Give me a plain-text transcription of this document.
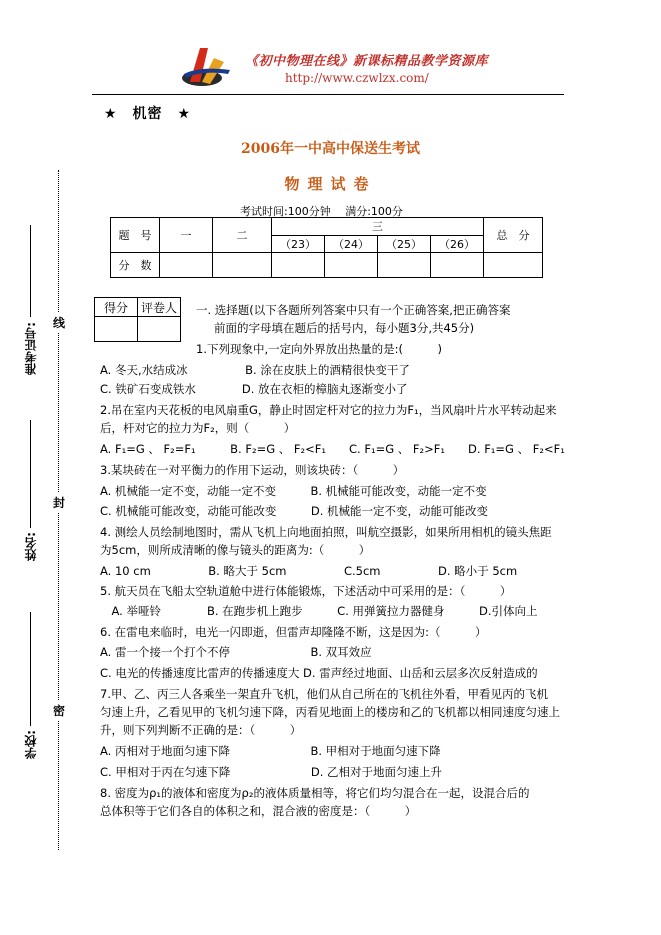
《初中物理在线》新课标精品教学资源库
http://www.czwlzx.com/
★　机密　★
2006年一中高中保送生考试
物理试卷
考试时间:100分钟　 满分:100分
题　号	一	二	三				总　分
			（23）	（24）	（25）	（26）	
分　数							
得分	评卷人
	一. 选择题(以下各题所列答案中只有一个正确答案,把正确答案
前面的字母填在题后的括号内，每小题3分,共45分)
1.下列现象中,一定向外界放出热量的是:(　　　)
A. 冬天,水结成冰　　　　　B. 涂在皮肤上的酒精很快变干了
C. 铁矿石变成铁水　　　　D. 放在衣柜的樟脑丸逐渐变小了
2.吊在室内天花板的电风扇重G，静止时固定杆对它的拉力为F₁，当风扇叶片水平转动起来
后，杆对它的拉力为F₂，则（　　　）
A. F₁=G 、 F₂=F₁　　　B. F₂=G 、 F₂<F₁　　C. F₁=G 、 F₂>F₁　　D. F₁=G 、 F₂<F₁
3.某块砖在一对平衡力的作用下运动，则该块砖：（　　　）
A. 机械能一定不变，动能一定不变　　　B. 机械能可能改变，动能一定不变
C. 机械能可能改变，动能可能改变　　　D. 机械能一定不变，动能可能改变
4. 测绘人员绘制地图时，需从飞机上向地面拍照，叫航空摄影，如果所用相机的镜头焦距
为5cm，则所成清晰的像与镜头的距离为:（　　　）
A. 10 cm　　　　　B. 略大于 5cm　　　　　C.5cm　　　　　D. 略小于 5cm
5. 航天员在飞船太空轨道舱中进行体能锻炼，下述活动中可采用的是：（　　　）
　A. 举哑铃　　　　B. 在跑步机上跑步　　　C. 用弹簧拉力器健身　　　D.引体向上
6. 在雷电来临时，电光一闪即逝，但雷声却隆隆不断，这是因为:（　　　）
A. 雷一个接一个打个不停　　　　　　　B. 双耳效应
C. 电光的传播速度比雷声的传播速度大 D. 雷声经过地面、山岳和云层多次反射造成的
7.甲、乙、丙三人各乘坐一架直升飞机，他们从自己所在的飞机往外看，甲看见丙的飞机
匀速上升，乙看见甲的飞机匀速下降，丙看见地面上的楼房和乙的飞机都以相同速度匀速上
升，则下列判断不正确的是：（　　　）
A. 丙相对于地面匀速下降　　　　　　　B. 甲相对于地面匀速下降
C. 甲相对于丙在匀速下降　　　　　　　D. 乙相对于地面匀速上升
8. 密度为ρ₁的液体和密度为ρ₂的液体质量相等，将它们均匀混合在一起，设混合后的
总体积等于它们各自的体积之和，混合液的密度是：（　　　）
线
封
密
准考证号:
姓名:
学校:
